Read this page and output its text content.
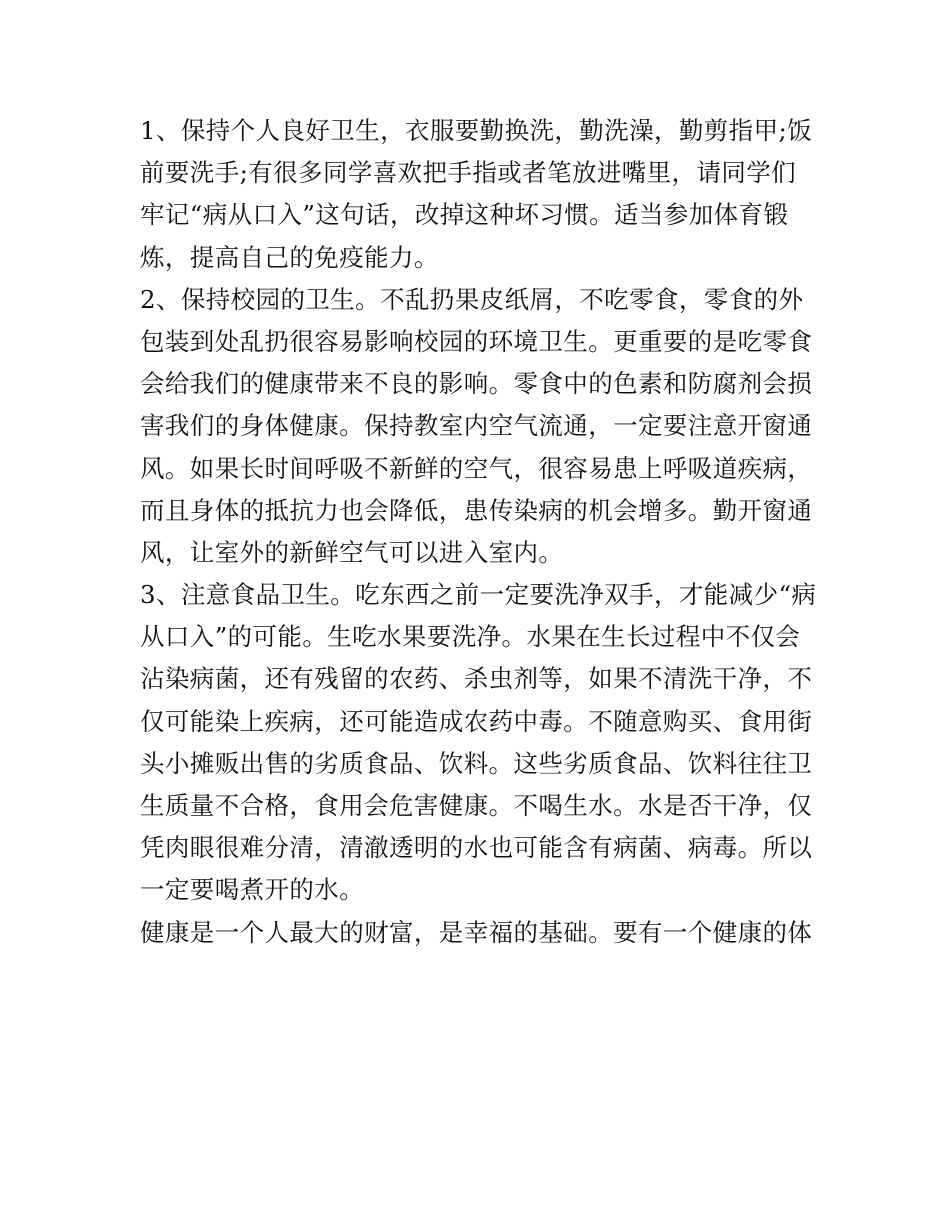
1、保持个人良好卫生，衣服要勤换洗，勤洗澡，勤剪指甲;饭
前要洗手;有很多同学喜欢把手指或者笔放进嘴里，请同学们
牢记“病从口入”这句话，改掉这种坏习惯。适当参加体育锻
炼，提高自己的免疫能力。
2、保持校园的卫生。不乱扔果皮纸屑，不吃零食，零食的外
包装到处乱扔很容易影响校园的环境卫生。更重要的是吃零食
会给我们的健康带来不良的影响。零食中的色素和防腐剂会损
害我们的身体健康。保持教室内空气流通，一定要注意开窗通
风。如果长时间呼吸不新鲜的空气，很容易患上呼吸道疾病，
而且身体的抵抗力也会降低，患传染病的机会增多。勤开窗通
风，让室外的新鲜空气可以进入室内。
3、注意食品卫生。吃东西之前一定要洗净双手，才能减少“病
从口入”的可能。生吃水果要洗净。水果在生长过程中不仅会
沾染病菌，还有残留的农药、杀虫剂等，如果不清洗干净，不
仅可能染上疾病，还可能造成农药中毒。不随意购买、食用街
头小摊贩出售的劣质食品、饮料。这些劣质食品、饮料往往卫
生质量不合格，食用会危害健康。不喝生水。水是否干净，仅
凭肉眼很难分清，清澈透明的水也可能含有病菌、病毒。所以
一定要喝煮开的水。
健康是一个人最大的财富，是幸福的基础。要有一个健康的体
